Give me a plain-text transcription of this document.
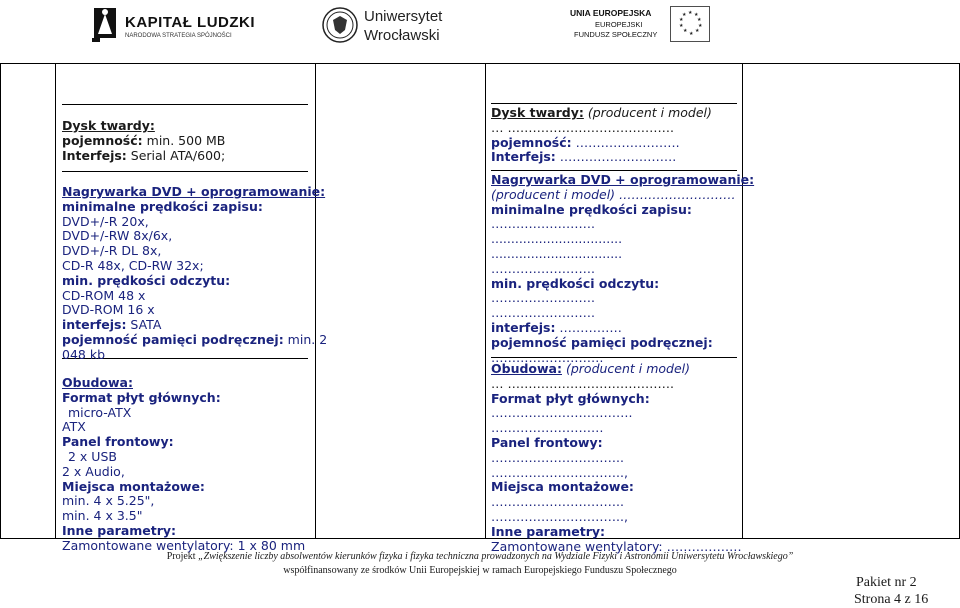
KAPITAŁ LUDZKI
NARODOWA STRATEGIA SPÓJNOŚCI
Uniwersytet
Wrocławski
UNIA EUROPEJSKA
EUROPEJSKI
FUNDUSZ SPOŁECZNY
★ ★
★
★
★
★
★
★
★
★
Dysk twardy:
pojemność: min. 500 MB
Interfejs: Serial ATA/600;
Nagrywarka DVD + oprogramowanie:
minimalne prędkości zapisu:
DVD+/-R 20x,
DVD+/-RW 8x/6x,
DVD+/-R DL 8x,
CD-R 48x, CD-RW 32x;
min. prędkości odczytu:
CD-ROM 48 x
DVD-ROM 16 x
interfejs: SATA
pojemność pamięci podręcznej: min. 2
048 kb
Obudowa:
Format płyt głównych:
micro-ATX
ATX
Panel frontowy:
2 x USB
2 x Audio,
Miejsca montażowe:
min. 4 x 5.25",
min. 4 x 3.5"
Inne parametry:
Zamontowane wentylatory: 1 x 80 mm
Dysk twardy: (producent i model)
… ………………………………….
pojemność: …………………….
Interfejs: ……………………….
Nagrywarka DVD + oprogramowanie:
(producent i model) ……………………….
minimalne prędkości zapisu:
…………………….
.................................
.................................
…………………….
min. prędkości odczytu:
…………………….
…………………….
interfejs: ……………
pojemność pamięci podręcznej:
………………………
Obudowa: (producent i model)
… ………………………………….
Format płyt głównych:
…………………………….
………………………
Panel frontowy:
…………………………..
…………………………..,
Miejsca montażowe:
…………………………..
…………………………..,
Inne parametry:
Zamontowane wentylatory: ………………
Projekt „Zwiększenie liczby absolwentów kierunków fizyka i fizyka techniczna prowadzonych na Wydziale Fizyki i Astronomii Uniwersytetu Wrocławskiego”
współfinansowany ze środków Unii Europejskiej w ramach Europejskiego Funduszu Społecznego
Pakiet nr 2
Strona 4 z 16
